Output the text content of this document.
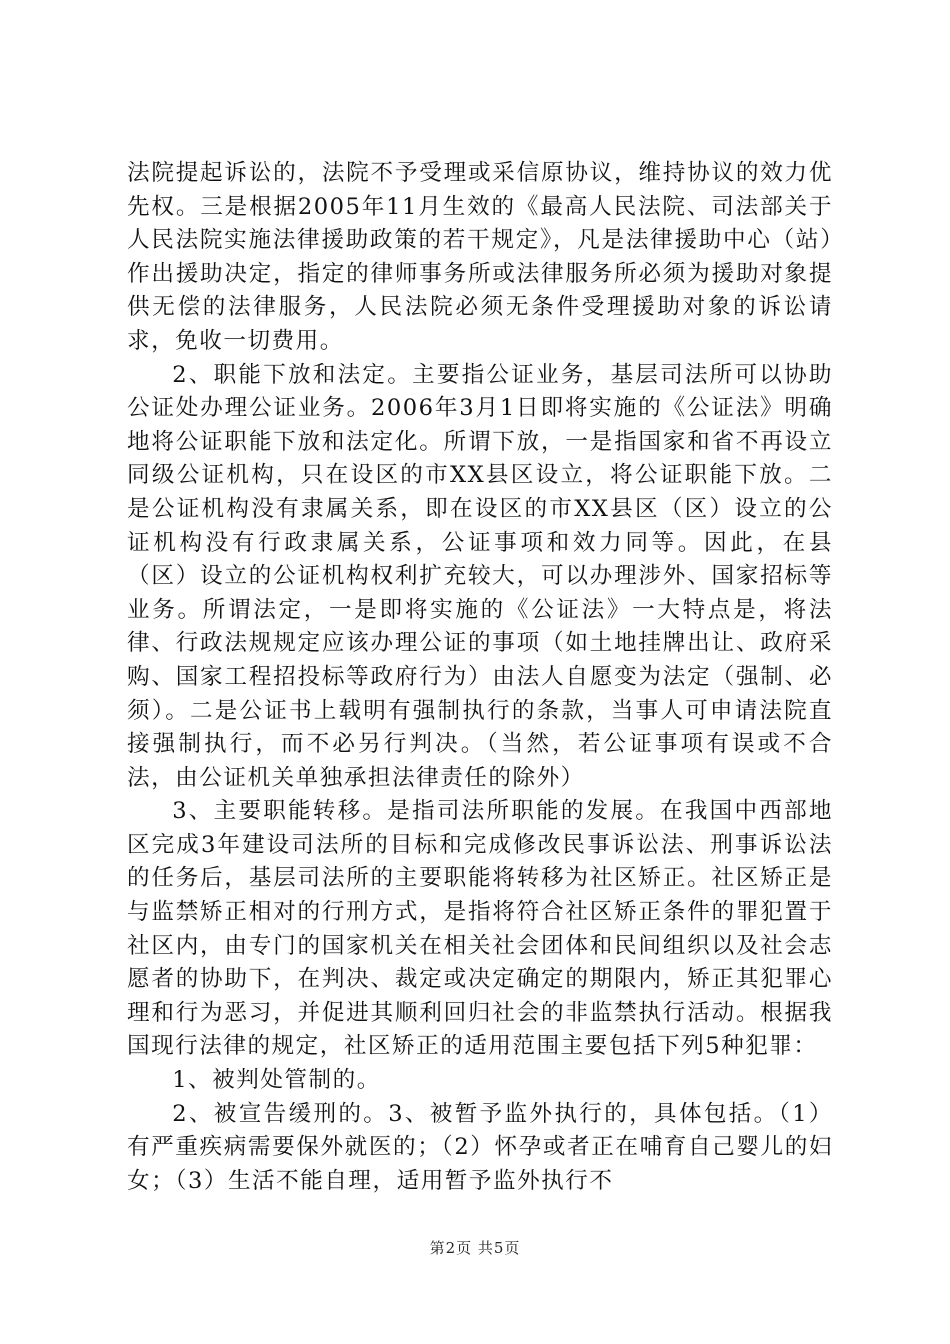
法院提起诉讼的，法院不予受理或采信原协议，维持协议的效力优先权。三是根据2005年11月生效的《最高人民法院、司法部关于人民法院实施法律援助政策的若干规定》，凡是法律援助中心（站）作出援助决定，指定的律师事务所或法律服务所必须为援助对象提供无偿的法律服务，人民法院必须无条件受理援助对象的诉讼请求，免收一切费用。

2、职能下放和法定。主要指公证业务，基层司法所可以协助公证处办理公证业务。2006年3月1日即将实施的《公证法》明确地将公证职能下放和法定化。所谓下放，一是指国家和省不再设立同级公证机构，只在设区的市XX县区设立，将公证职能下放。二是公证机构没有隶属关系，即在设区的市XX县区（区）设立的公证机构没有行政隶属关系，公证事项和效力同等。因此，在县（区）设立的公证机构权利扩充较大，可以办理涉外、国家招标等业务。所谓法定，一是即将实施的《公证法》一大特点是，将法律、行政法规规定应该办理公证的事项（如土地挂牌出让、政府采购、国家工程招投标等政府行为）由法人自愿变为法定（强制、必须）。二是公证书上载明有强制执行的条款，当事人可申请法院直接强制执行，而不必另行判决。（当然，若公证事项有误或不合法，由公证机关单独承担法律责任的除外）

3、主要职能转移。是指司法所职能的发展。在我国中西部地区完成3年建设司法所的目标和完成修改民事诉讼法、刑事诉讼法的任务后，基层司法所的主要职能将转移为社区矫正。社区矫正是与监禁矫正相对的行刑方式，是指将符合社区矫正条件的罪犯置于社区内，由专门的国家机关在相关社会团体和民间组织以及社会志愿者的协助下，在判决、裁定或决定确定的期限内，矫正其犯罪心理和行为恶习，并促进其顺利回归社会的非监禁执行活动。根据我国现行法律的规定，社区矫正的适用范围主要包括下列5种犯罪：

1、被判处管制的。

2、被宣告缓刑的。3、被暂予监外执行的，具体包括。（1）有严重疾病需要保外就医的；（2）怀孕或者正在哺育自己婴儿的妇女；（3）生活不能自理，适用暂予监外执行不

第2页 共5页
